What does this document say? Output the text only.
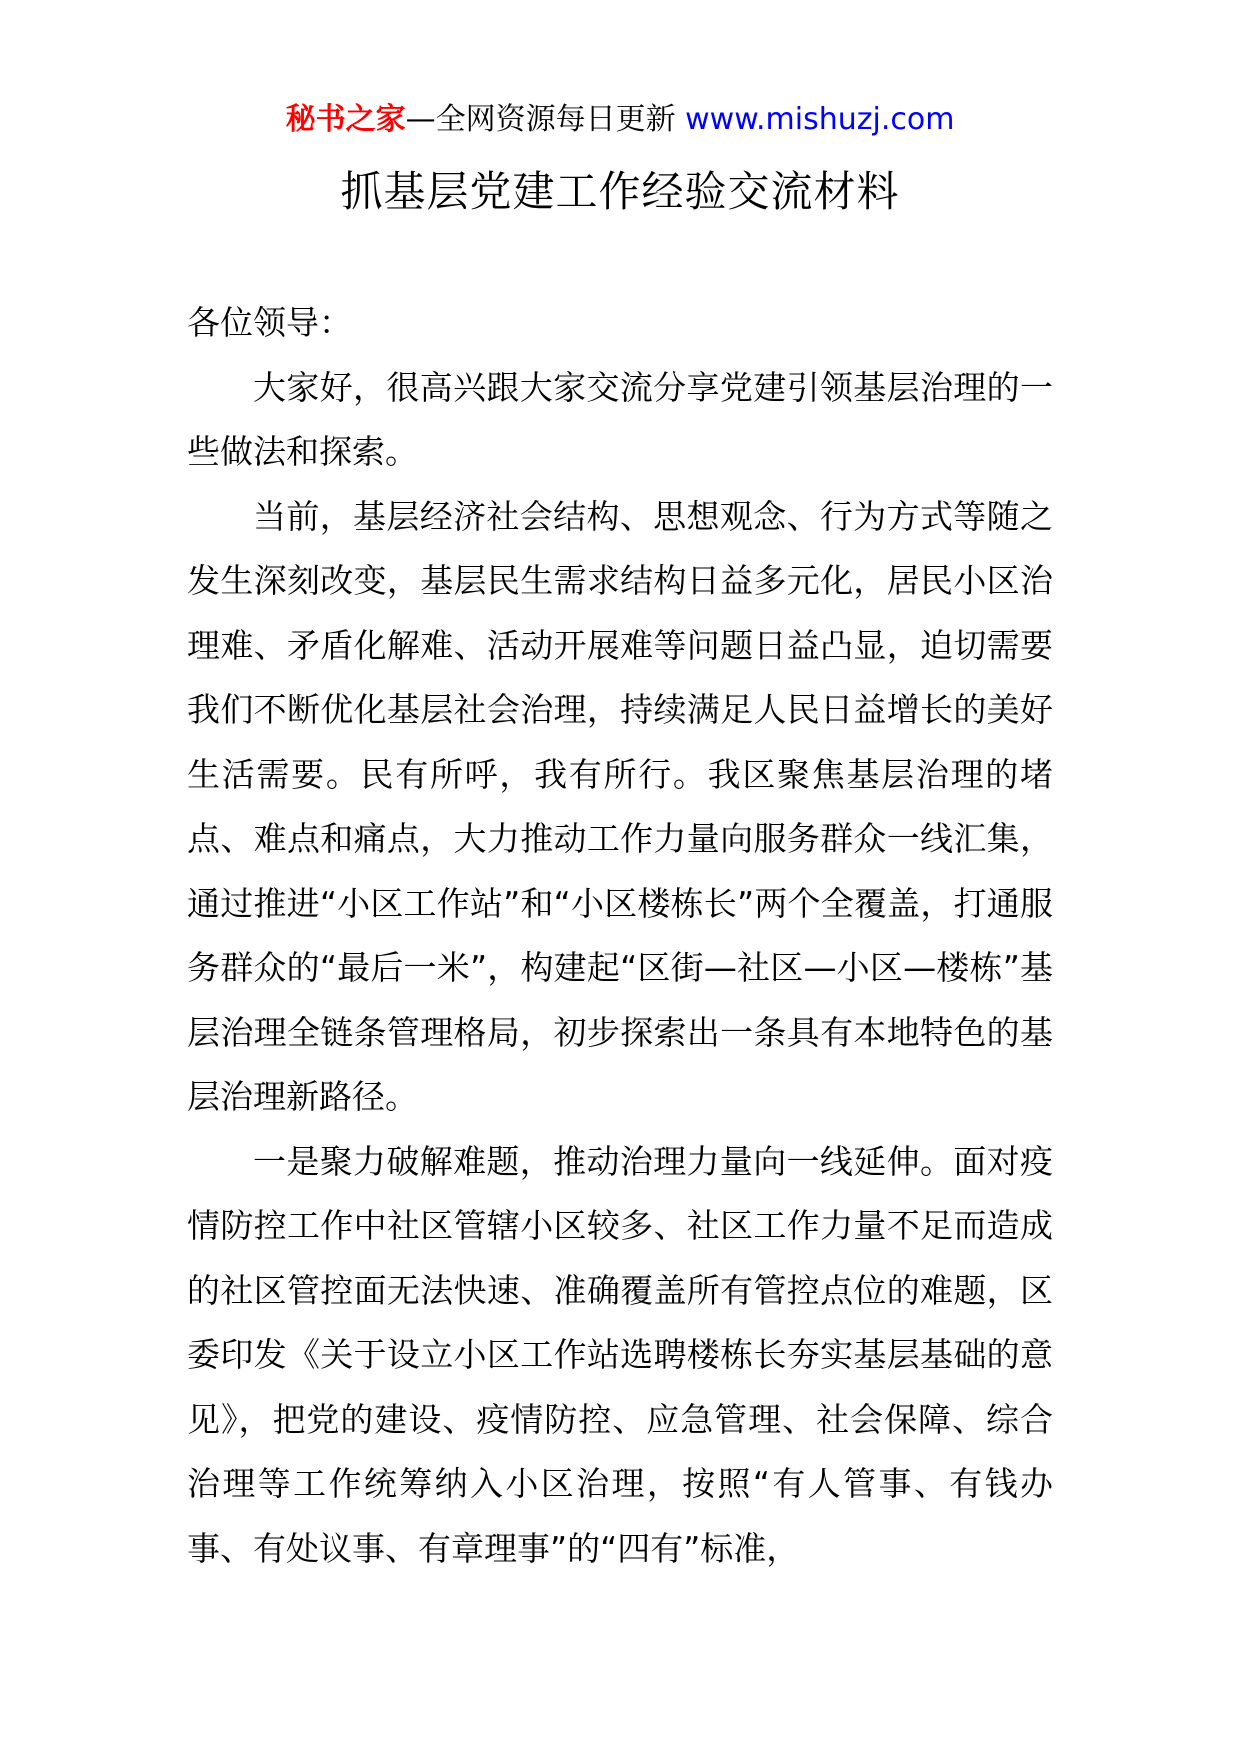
秘书之家—全网资源每日更新 www.mishuzj.com
抓基层党建工作经验交流材料

各位领导：

大家好，很高兴跟大家交流分享党建引领基层治理的一些做法和探索。

当前，基层经济社会结构、思想观念、行为方式等随之发生深刻改变，基层民生需求结构日益多元化，居民小区治理难、矛盾化解难、活动开展难等问题日益凸显，迫切需要我们不断优化基层社会治理，持续满足人民日益增长的美好生活需要。民有所呼，我有所行。我区聚焦基层治理的堵点、难点和痛点，大力推动工作力量向服务群众一线汇集，通过推进“小区工作站”和“小区楼栋长”两个全覆盖，打通服务群众的“最后一米”，构建起“区街—社区—小区—楼栋”基层治理全链条管理格局，初步探索出一条具有本地特色的基层治理新路径。

一是聚力破解难题，推动治理力量向一线延伸。面对疫情防控工作中社区管辖小区较多、社区工作力量不足而造成的社区管控面无法快速、准确覆盖所有管控点位的难题，区委印发《关于设立小区工作站选聘楼栋长夯实基层基础的意见》，把党的建设、疫情防控、应急管理、社会保障、综合治理等工作统筹纳入小区治理，按照“有人管事、有钱办事、有处议事、有章理事”的“四有”标准，
